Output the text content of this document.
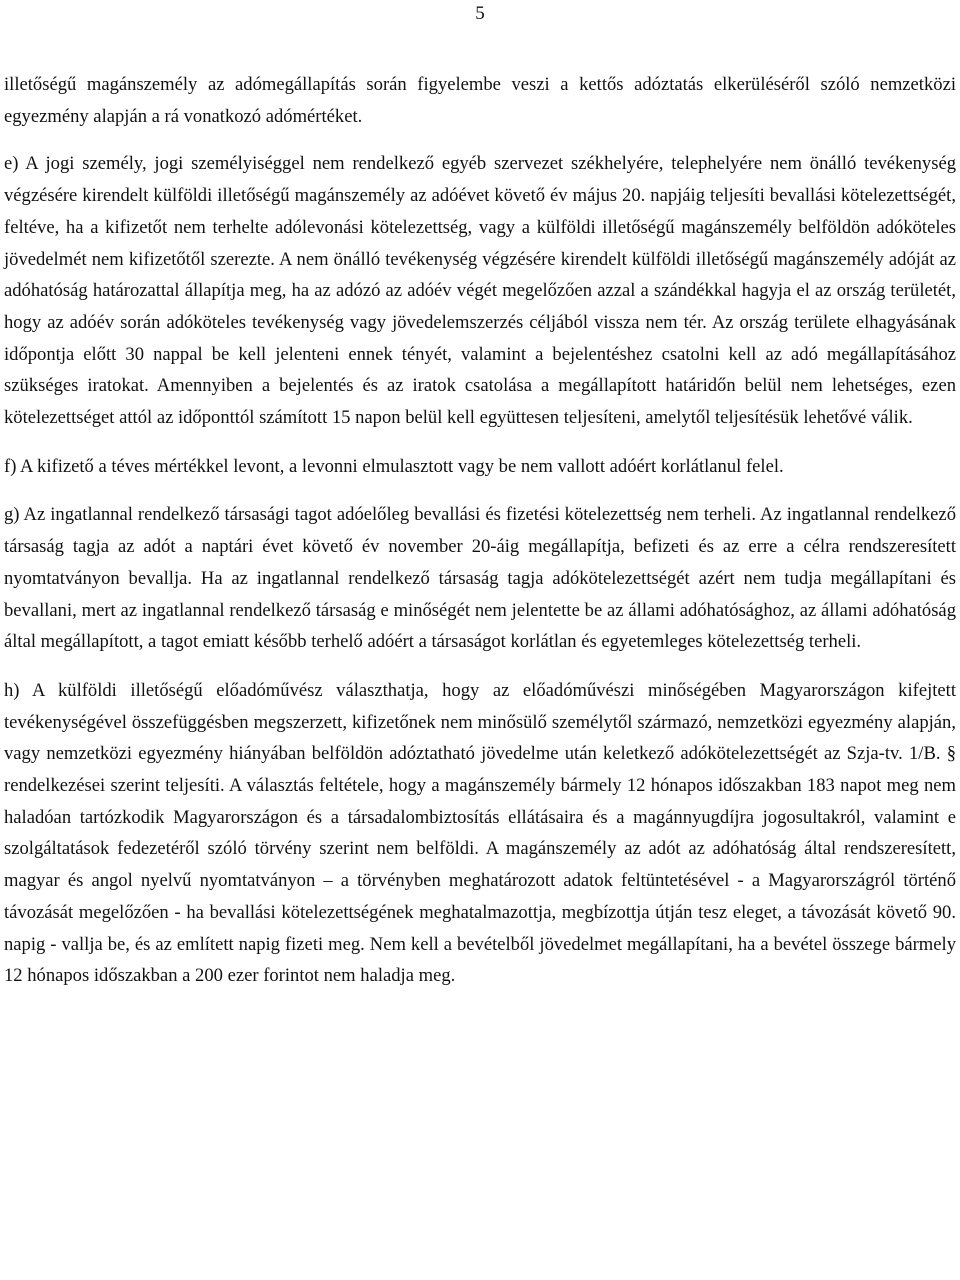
5

illetőségű magánszemély az adómegállapítás során figyelembe veszi a kettős adóztatás elkerüléséről szóló nemzetközi egyezmény alapján a rá vonatkozó adómértéket.

e) A jogi személy, jogi személyiséggel nem rendelkező egyéb szervezet székhelyére, telephelyére nem önálló tevékenység végzésére kirendelt külföldi illetőségű magánszemély az adóévet követő év május 20. napjáig teljesíti bevallási kötelezettségét, feltéve, ha a kifizetőt nem terhelte adólevonási kötelezettség, vagy a külföldi illetőségű magánszemély belföldön adóköteles jövedelmét nem kifizetőtől szerezte. A nem önálló tevékenység végzésére kirendelt külföldi illetőségű magánszemély adóját az adóhatóság határozattal állapítja meg, ha az adózó az adóév végét megelőzően azzal a szándékkal hagyja el az ország területét, hogy az adóév során adóköteles tevékenység vagy jövedelemszerzés céljából vissza nem tér. Az ország területe elhagyásának időpontja előtt 30 nappal be kell jelenteni ennek tényét, valamint a bejelentéshez csatolni kell az adó megállapításához szükséges iratokat. Amennyiben a bejelentés és az iratok csatolása a megállapított határidőn belül nem lehetséges, ezen kötelezettséget attól az időponttól számított 15 napon belül kell együttesen teljesíteni, amelytől teljesítésük lehetővé válik.

f) A kifizető a téves mértékkel levont, a levonni elmulasztott vagy be nem vallott adóért korlátlanul felel.

g) Az ingatlannal rendelkező társasági tagot adóelőleg bevallási és fizetési kötelezettség nem terheli. Az ingatlannal rendelkező társaság tagja az adót a naptári évet követő év november 20-áig megállapítja, befizeti és az erre a célra rendszeresített nyomtatványon bevallja. Ha az ingatlannal rendelkező társaság tagja adókötelezettségét azért nem tudja megállapítani és bevallani, mert az ingatlannal rendelkező társaság e minőségét nem jelentette be az állami adóhatósághoz, az állami adóhatóság által megállapított, a tagot emiatt később terhelő adóért a társaságot korlátlan és egyetemleges kötelezettség terheli.

h) A külföldi illetőségű előadóművész választhatja, hogy az előadóművészi minőségében Magyarországon kifejtett tevékenységével összefüggésben megszerzett, kifizetőnek nem minősülő személytől származó, nemzetközi egyezmény alapján, vagy nemzetközi egyezmény hiányában belföldön adóztatható jövedelme után keletkező adókötelezettségét az Szja-tv. 1/B. § rendelkezései szerint teljesíti. A választás feltétele, hogy a magánszemély bármely 12 hónapos időszakban 183 napot meg nem haladóan tartózkodik Magyarországon és a társadalombiztosítás ellátásaira és a magánnyugdíjra jogosultakról, valamint e szolgáltatások fedezetéről szóló törvény szerint nem belföldi. A magánszemély az adót az adóhatóság által rendszeresített, magyar és angol nyelvű nyomtatványon – a törvényben meghatározott adatok feltüntetésével - a Magyarországról történő távozását megelőzően - ha bevallási kötelezettségének meghatalmazottja, megbízottja útján tesz eleget, a távozását követő 90. napig - vallja be, és az említett napig fizeti meg. Nem kell a bevételből jövedelmet megállapítani, ha a bevétel összege bármely 12 hónapos időszakban a 200 ezer forintot nem haladja meg.
